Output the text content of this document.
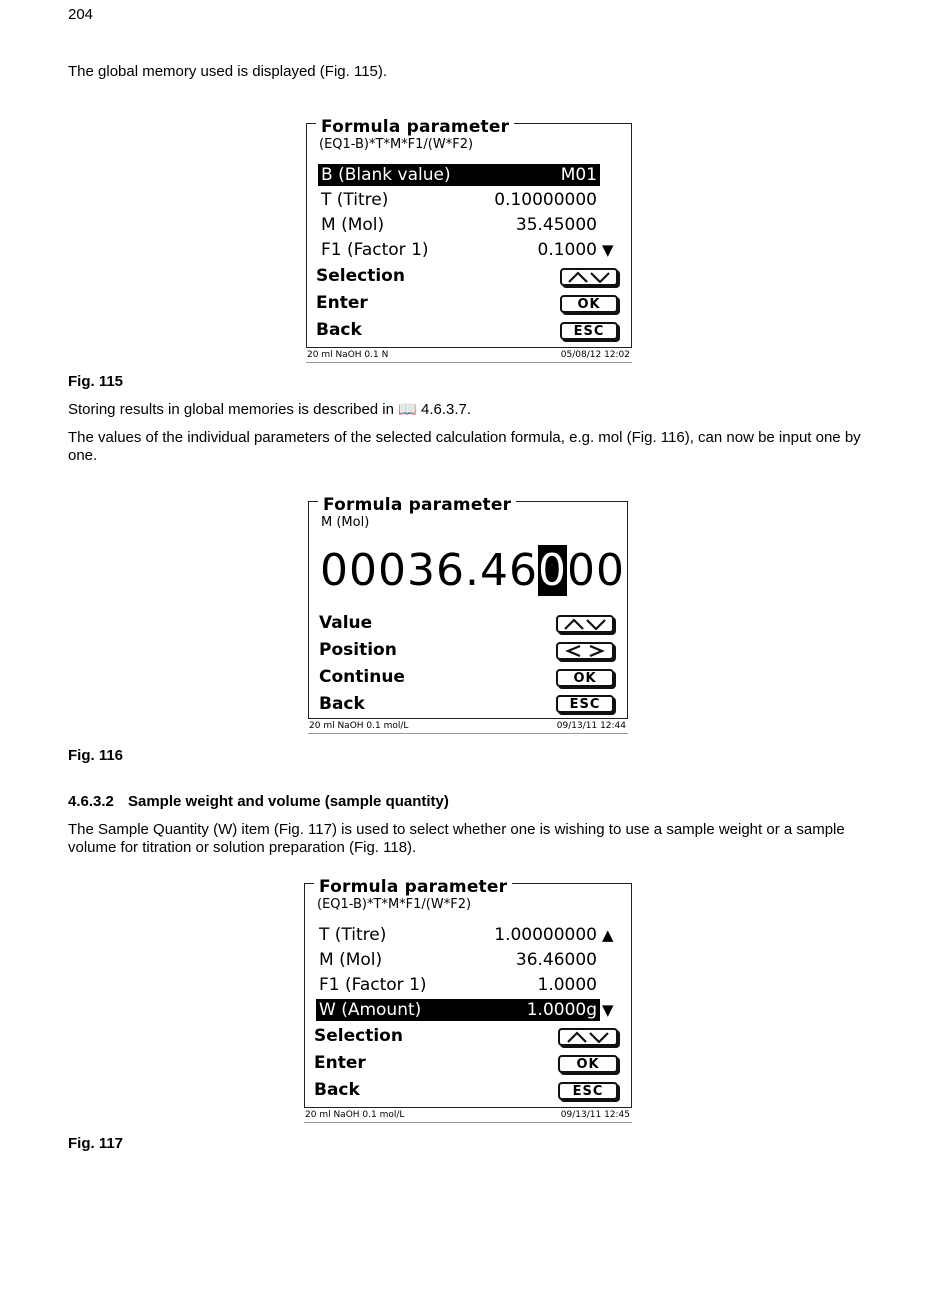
204
The global memory used is displayed (Fig. 115).
Formula parameter
(EQ1-B)*T*M*F1/(W*F2)
B (Blank value)	M01
T (Titre)	0.10000000
M (Mol)	35.45000
F1 (Factor 1)	0.1000 ▼
Selection
Enter	OK
Back	ESC
20 ml NaOH 0.1 N	05/08/12 12:02
Fig. 115
Storing results in global memories is described in 📖 4.6.3.7.
The values of the individual parameters of the selected calculation formula, e.g. mol (Fig. 116), can now be input one by one.
Formula parameter
M (Mol)
00036.46000
Value
Position
Continue	OK
Back	ESC
20 ml NaOH 0.1 mol/L	09/13/11 12:44
Fig. 116
4.6.3.2 Sample weight and volume (sample quantity)
The Sample Quantity (W) item (Fig. 117) is used to select whether one is wishing to use a sample weight or a sample volume for titration or solution preparation (Fig. 118).
Formula parameter
(EQ1-B)*T*M*F1/(W*F2)
T (Titre)	1.00000000 ▲
M (Mol)	36.46000
F1 (Factor 1)	1.0000
W (Amount)	1.0000g ▼
Selection
Enter	OK
Back	ESC
20 ml NaOH 0.1 mol/L	09/13/11 12:45
Fig. 117
